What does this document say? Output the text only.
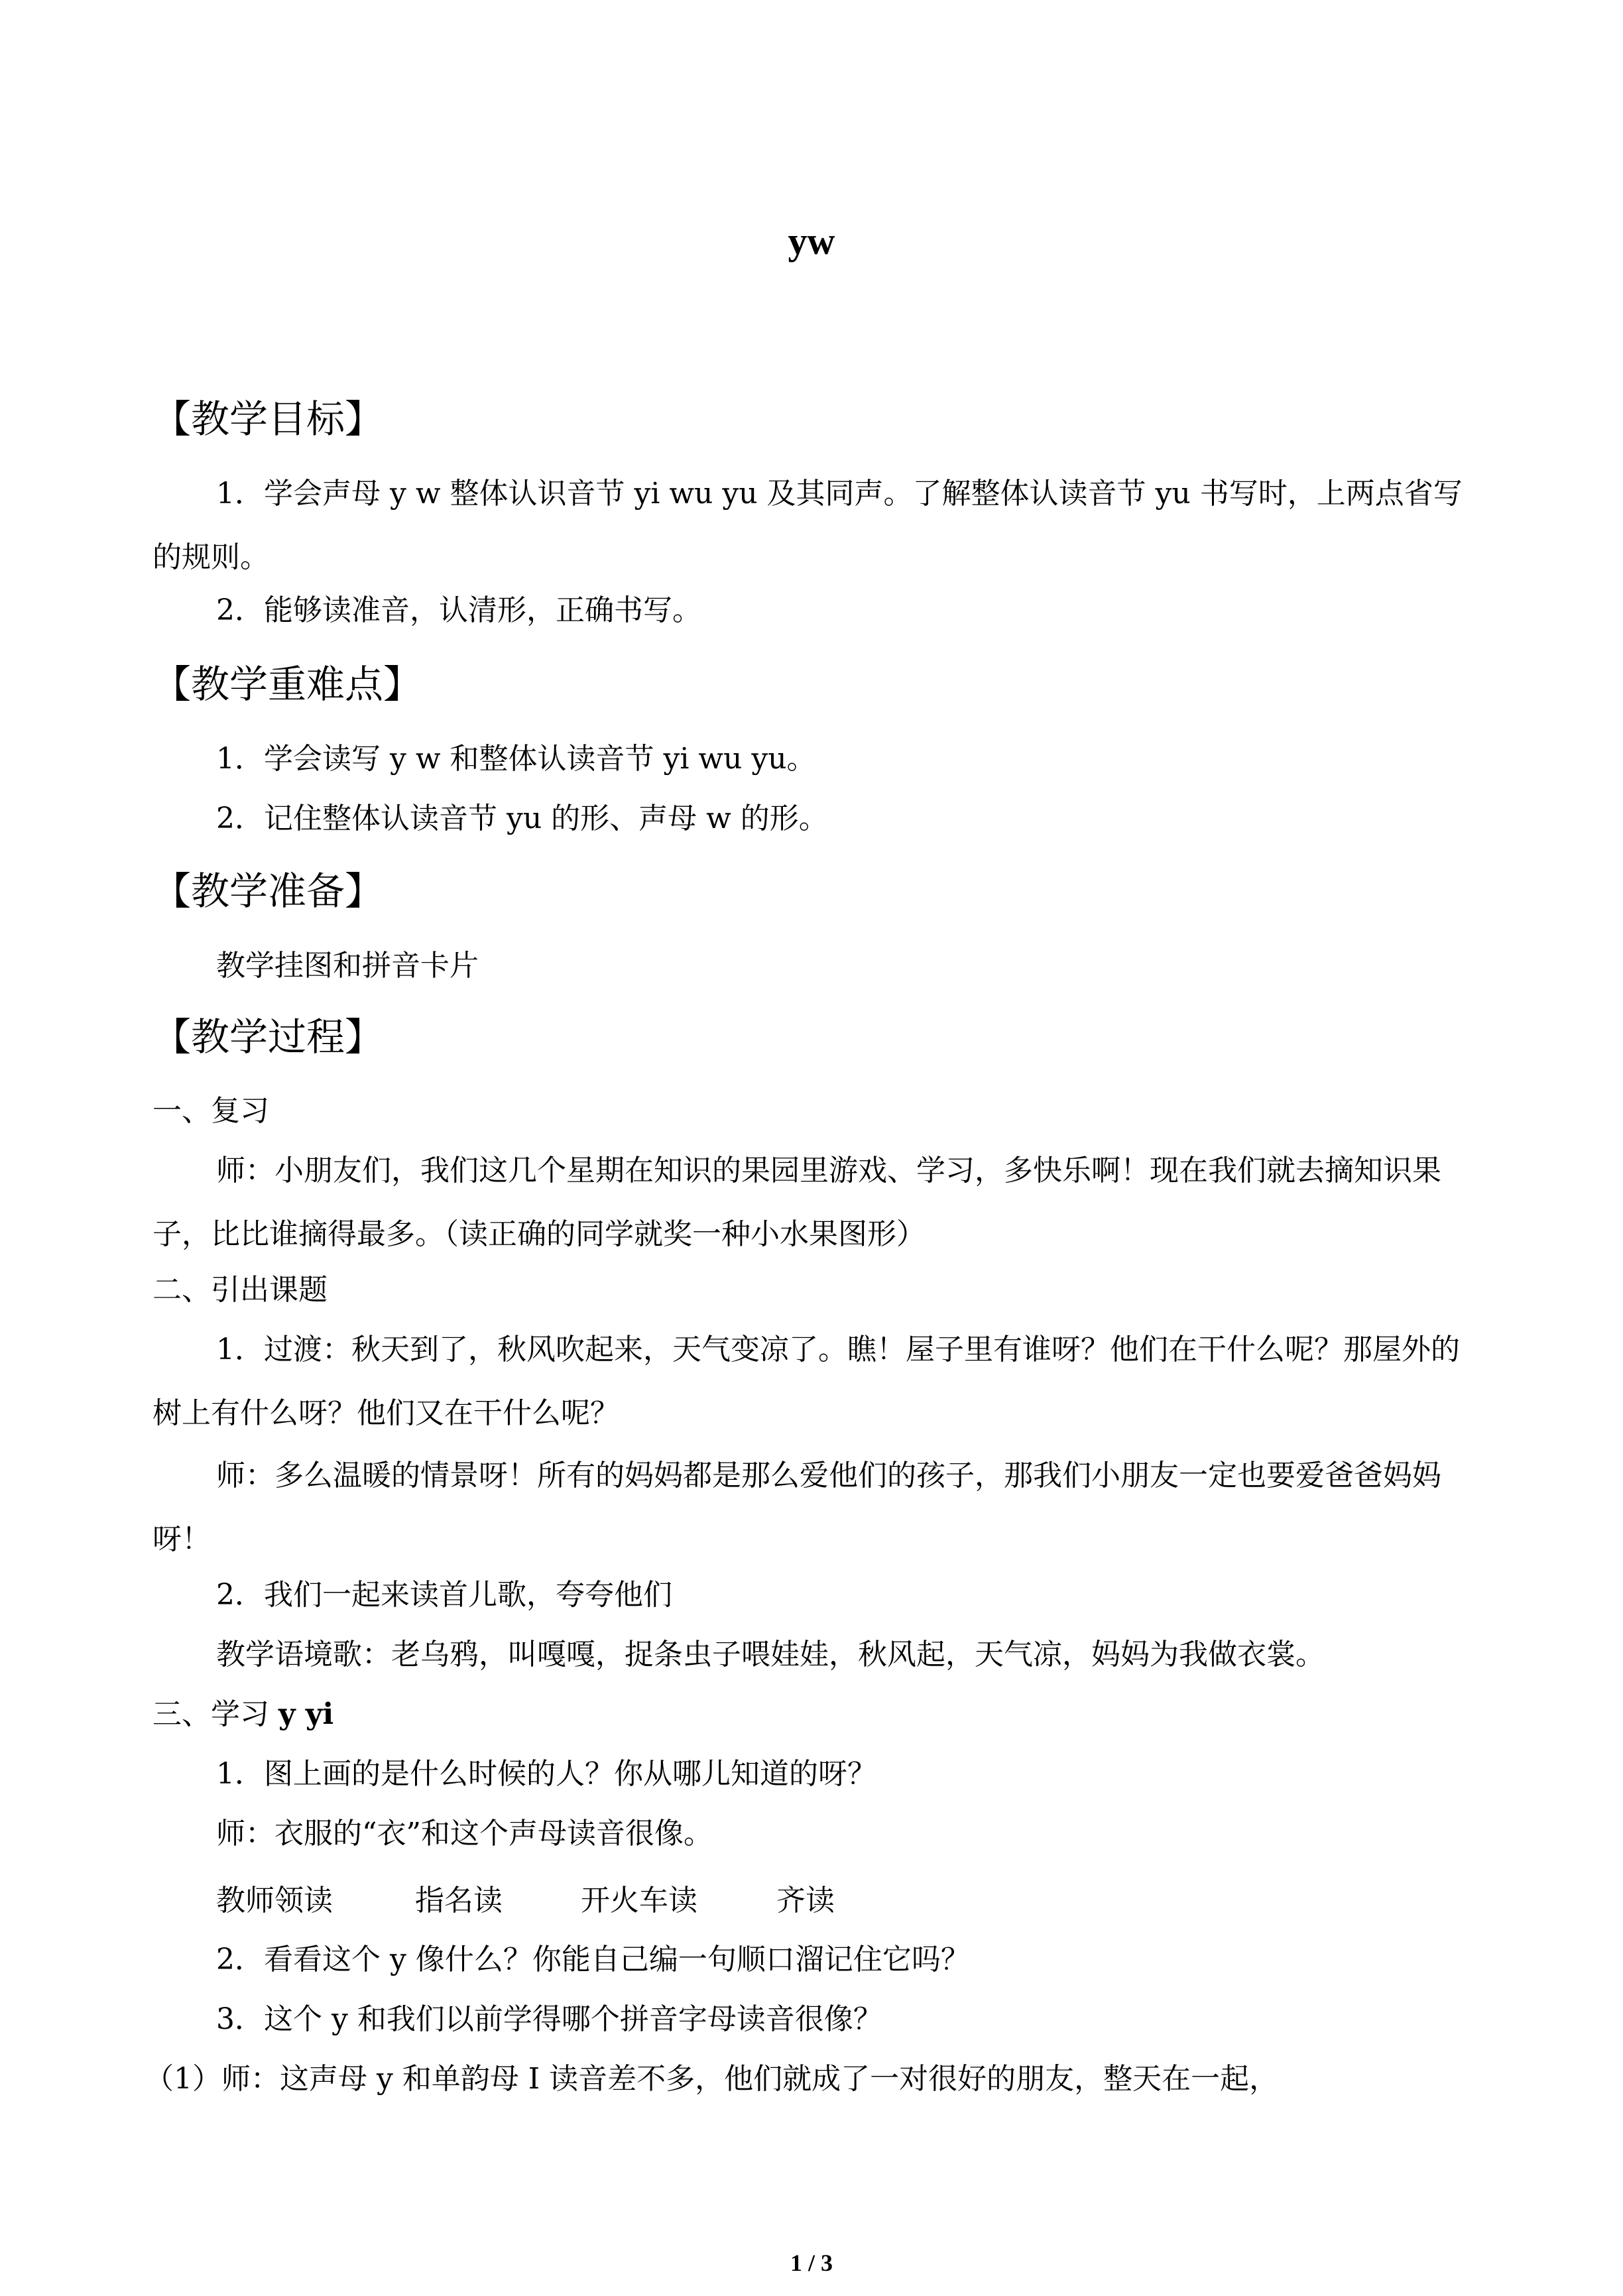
yw
【教学目标】
1．学会声母 y w 整体认识音节 yi wu yu 及其同声。了解整体认读音节 yu 书写时，上两点省写的规则。
2．能够读准音，认清形，正确书写。
【教学重难点】
1．学会读写 y w 和整体认读音节 yi wu yu。
2．记住整体认读音节 yu 的形、声母 w 的形。
【教学准备】
教学挂图和拼音卡片
【教学过程】
一、复习
师：小朋友们，我们这几个星期在知识的果园里游戏、学习，多快乐啊！现在我们就去摘知识果子，比比谁摘得最多。（读正确的同学就奖一种小水果图形）
二、引出课题
1．过渡：秋天到了，秋风吹起来，天气变凉了。瞧！屋子里有谁呀？他们在干什么呢？那屋外的树上有什么呀？他们又在干什么呢？
师：多么温暖的情景呀！所有的妈妈都是那么爱他们的孩子，那我们小朋友一定也要爱爸爸妈妈呀！
2．我们一起来读首儿歌，夸夸他们
教学语境歌：老乌鸦，叫嘎嘎，捉条虫子喂娃娃，秋风起，天气凉，妈妈为我做衣裳。
三、学习 y yi
1．图上画的是什么时候的人？你从哪儿知道的呀？
师：衣服的“衣”和这个声母读音很像。
教师领读	指名读	开火车读	齐读
2．看看这个 y 像什么？你能自己编一句顺口溜记住它吗？
3．这个 y 和我们以前学得哪个拼音字母读音很像？
（1）师：这声母 y 和单韵母 I 读音差不多，他们就成了一对很好的朋友，整天在一起，
1 / 3
